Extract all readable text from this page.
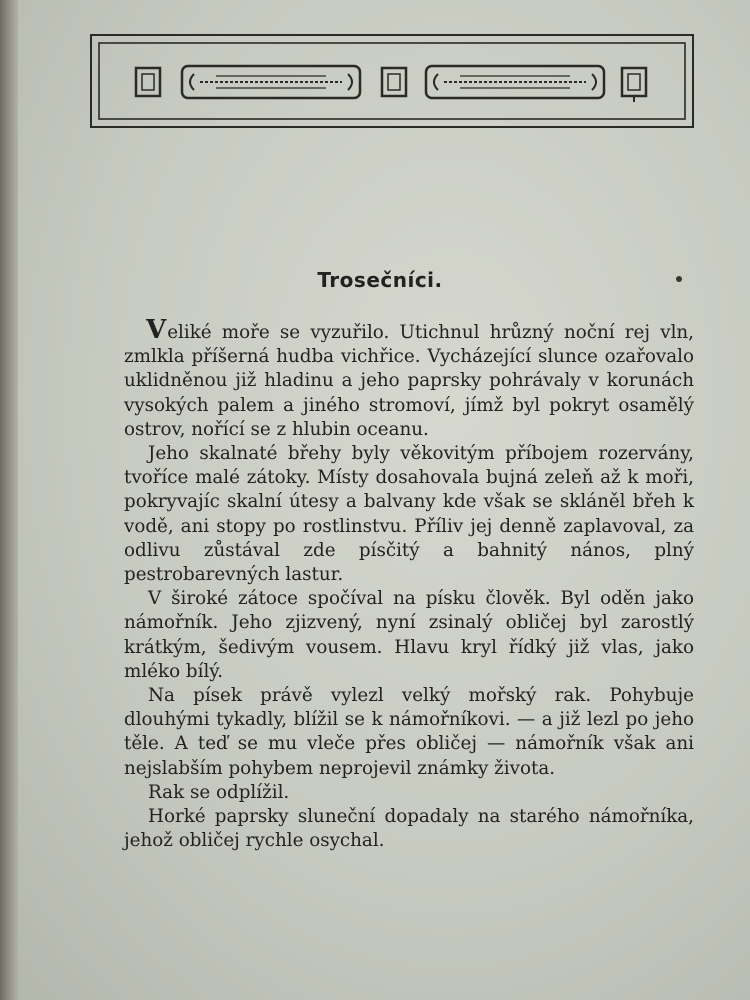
Trosečníci.

Veliké moře se vyzuřilo. Utichnul hrůzný noční rej vln, zmlkla příšerná hudba vichřice. Vycházející slunce ozařovalo uklidněnou již hladinu a jeho paprsky pohrávaly v korunách vysokých palem a jiného stromoví, jímž byl pokryt osamělý ostrov, nořící se z hlubin oceanu.

Jeho skalnaté břehy byly věkovitým příbojem rozervány, tvoříce malé zátoky. Místy dosahovala bujná zeleň až k moři, pokryvajíc skalní útesy a balvany kde však se skláněl břeh k vodě, ani stopy po rostlinstvu. Příliv jej denně zaplavoval, za odlivu zůstával zde písčitý a bahnitý nános, plný pestrobarevných lastur.

V široké zátoce spočíval na písku člověk. Byl oděn jako námořník. Jeho zjizvený, nyní zsinalý obličej byl zarostlý krátkým, šedivým vousem. Hlavu kryl řídký již vlas, jako mléko bílý.

Na písek právě vylezl velký mořský rak. Pohybuje dlouhými tykadly, blížil se k námořníkovi. — a již lezl po jeho těle. A teď se mu vleče přes obličej — námořník však ani nejslabším pohybem neprojevil známky života.

Rak se odplížil.

Horké paprsky sluneční dopadaly na starého námořníka, jehož obličej rychle osychal.
